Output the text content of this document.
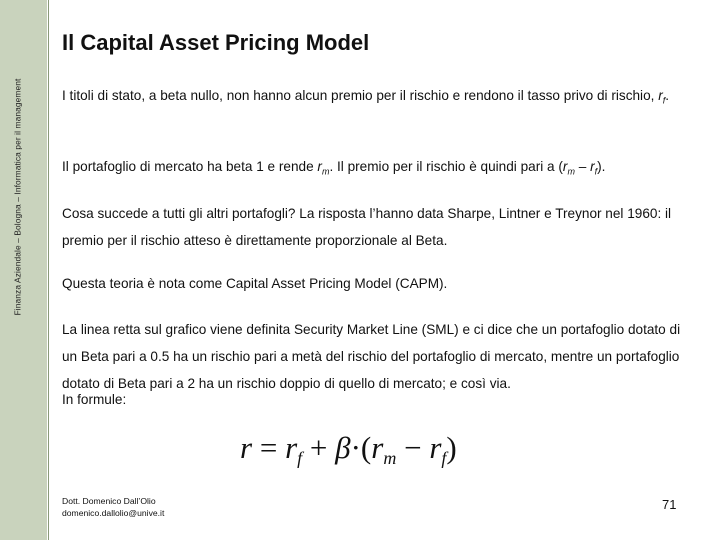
Finanza Aziendale – Bologna – Informatica per il management
Il Capital Asset Pricing Model
I titoli di stato, a beta nullo, non hanno alcun premio per il rischio e rendono il tasso privo di rischio, $r_f$.
Il portafoglio di mercato ha beta 1 e rende $r_m$. Il premio per il rischio è quindi pari a $(r_m - r_f)$.
Cosa succede a tutti gli altri portafogli? La risposta l’hanno data Sharpe, Lintner e Treynor nel 1960: il premio per il rischio atteso è direttamente proporzionale al Beta.
Questa teoria è nota come Capital Asset Pricing Model (CAPM).
La linea retta sul grafico viene definita Security Market Line (SML) e ci dice che un portafoglio dotato di un Beta pari a 0.5 ha un rischio pari a metà del rischio del portafoglio di mercato, mentre un portafoglio dotato di Beta pari a 2 ha un rischio doppio di quello di mercato; e così via.
In formule:
$r = r_f + \beta\cdot(r_m - r_f)$
Dott. Domenico Dall’Olio
domenico.dallolio@unive.it
71
